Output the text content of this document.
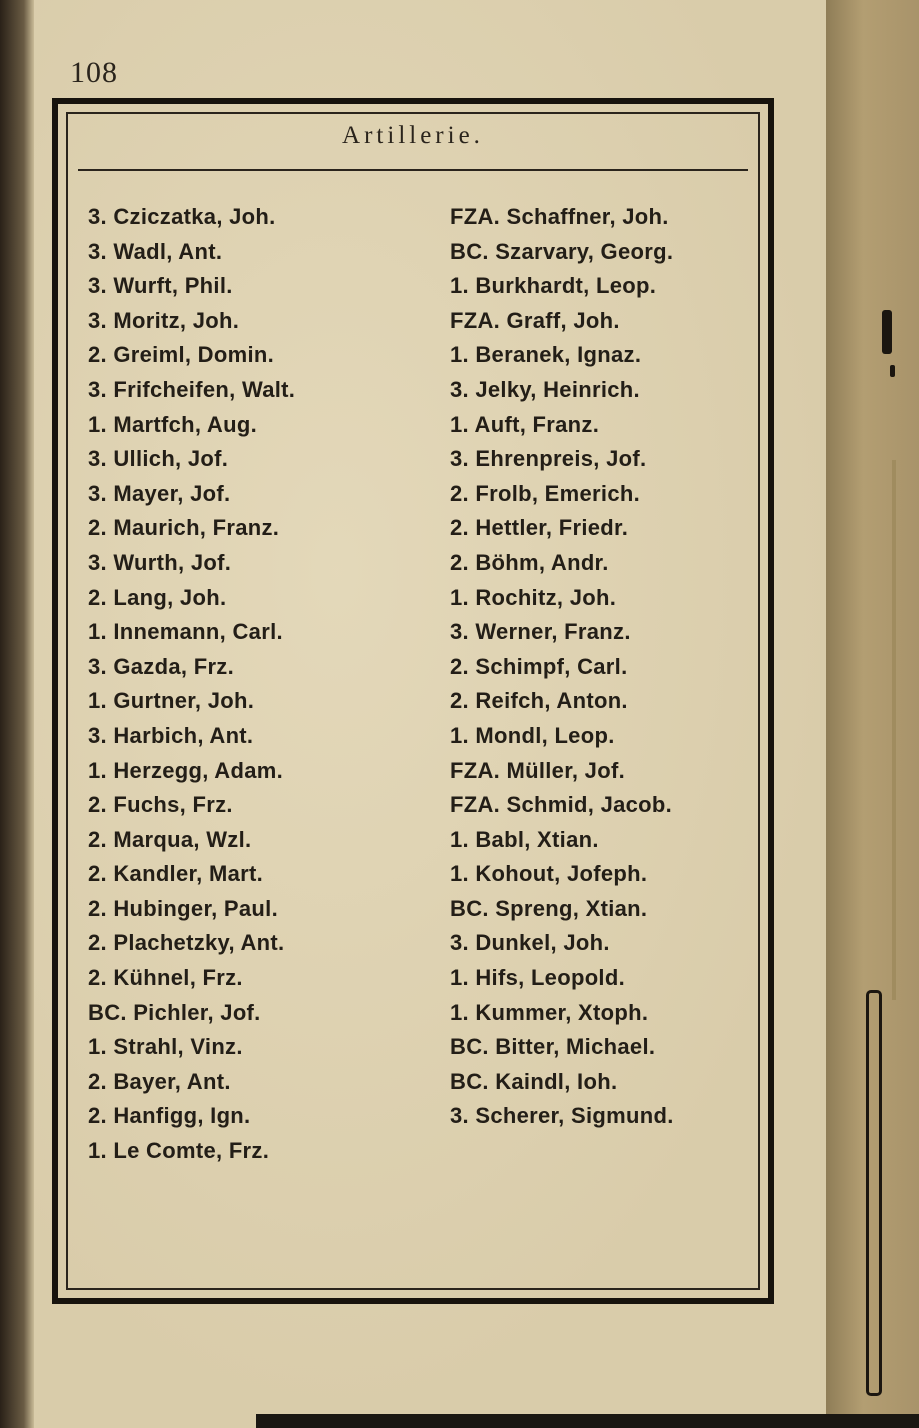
108
Artillerie.
3. Cziczatka, Joh.
3. Wadl, Ant.
3. Wurft, Phil.
3. Moritz, Joh.
2. Greiml, Domin.
3. Frifcheifen, Walt.
1. Martfch, Aug.
3. Ullich, Jof.
3. Mayer, Jof.
2. Maurich, Franz.
3. Wurth, Jof.
2. Lang, Joh.
1. Innemann, Carl.
3. Gazda, Frz.
1. Gurtner, Joh.
3. Harbich, Ant.
1. Herzegg, Adam.
2. Fuchs, Frz.
2. Marqua, Wzl.
2. Kandler, Mart.
2. Hubinger, Paul.
2. Plachetzky, Ant.
2. Kühnel, Frz.
BC. Pichler, Jof.
1. Strahl, Vinz.
2. Bayer, Ant.
2. Hanfigg, Ign.
1. Le Comte, Frz.
FZA. Schaffner, Joh.
BC. Szarvary, Georg.
1. Burkhardt, Leop.
FZA. Graff, Joh.
1. Beranek, Ignaz.
3. Jelky, Heinrich.
1. Auft, Franz.
3. Ehrenpreis, Jof.
2. Frolb, Emerich.
2. Hettler, Friedr.
2. Böhm, Andr.
1. Rochitz, Joh.
3. Werner, Franz.
2. Schimpf, Carl.
2. Reifch, Anton.
1. Mondl, Leop.
FZA. Müller, Jof.
FZA. Schmid, Jacob.
1. Babl, Xtian.
1. Kohout, Jofeph.
BC. Spreng, Xtian.
3. Dunkel, Joh.
1. Hifs, Leopold.
1. Kummer, Xtoph.
BC. Bitter, Michael.
BC. Kaindl, Ioh.
3. Scherer, Sigmund.
